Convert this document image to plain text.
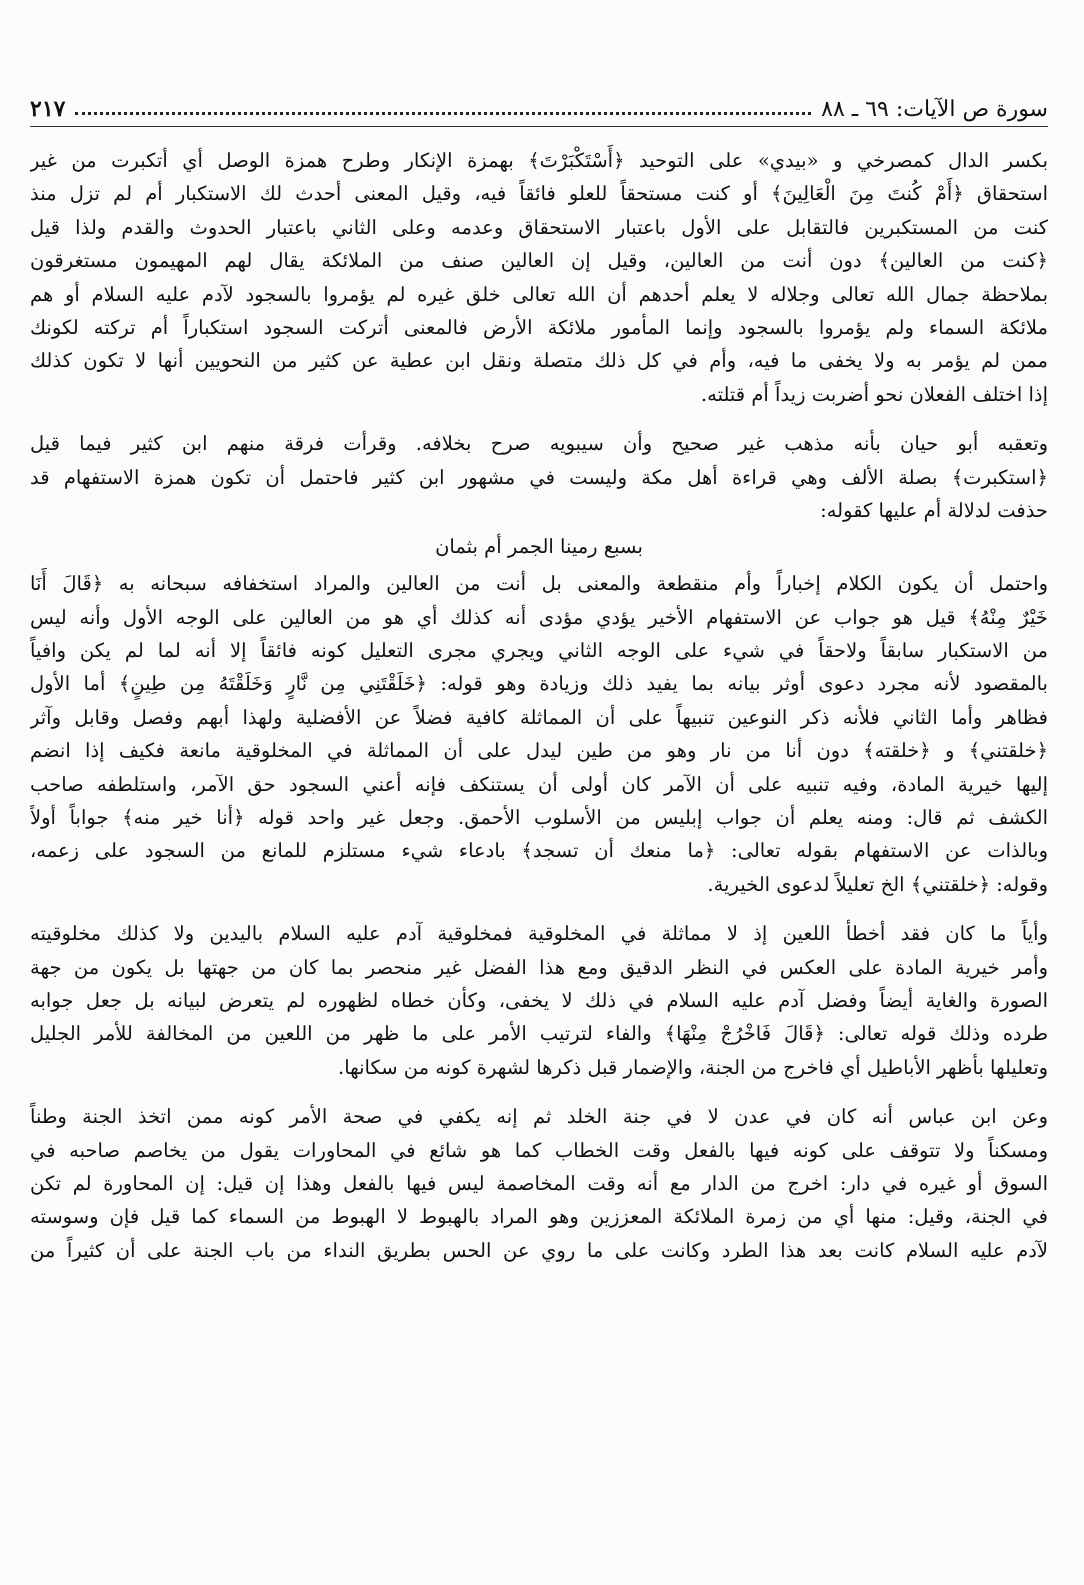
سورة ص الآيات: ٦٩ ـ ٨٨
٢١٧
بكسر الدال كمصرخي و «بيدي» على التوحيد ﴿أَسْتَكْبَرْتَ﴾ بهمزة الإنكار وطرح همزة الوصل أي أتكبرت من غير
استحقاق ﴿أَمْ كُنتَ مِنَ الْعَالِينَ﴾ أو كنت مستحقاً للعلو فائقاً فيه، وقيل المعنى أحدث لك الاستكبار أم لم تزل منذ
كنت من المستكبرين فالتقابل على الأول باعتبار الاستحقاق وعدمه وعلى الثاني باعتبار الحدوث والقدم ولذا قيل
﴿كنت من العالين﴾ دون أنت من العالين، وقيل إن العالين صنف من الملائكة يقال لهم المهيمون مستغرقون
بملاحظة جمال الله تعالى وجلاله لا يعلم أحدهم أن الله تعالى خلق غيره لم يؤمروا بالسجود لآدم عليه السلام أو هم
ملائكة السماء ولم يؤمروا بالسجود وإنما المأمور ملائكة الأرض فالمعنى أتركت السجود استكباراً أم تركته لكونك
ممن لم يؤمر به ولا يخفى ما فيه، وأم في كل ذلك متصلة ونقل ابن عطية عن كثير من النحويين أنها لا تكون كذلك
إذا اختلف الفعلان نحو أضربت زيداً أم قتلته.
وتعقبه أبو حيان بأنه مذهب غير صحيح وأن سيبويه صرح بخلافه. وقرأت فرقة منهم ابن كثير فيما قيل
﴿استكبرت﴾ بصلة الألف وهي قراءة أهل مكة وليست في مشهور ابن كثير فاحتمل أن تكون همزة الاستفهام قد
حذفت لدلالة أم عليها كقوله:
بسبع رمينا الجمر أم بثمان
واحتمل أن يكون الكلام إخباراً وأم منقطعة والمعنى بل أنت من العالين والمراد استخفافه سبحانه به ﴿قَالَ أَنَا
خَيْرٌ مِنْهُ﴾ قيل هو جواب عن الاستفهام الأخير يؤدي مؤدى أنه كذلك أي هو من العالين على الوجه الأول وأنه ليس
من الاستكبار سابقاً ولاحقاً في شيء على الوجه الثاني ويجري مجرى التعليل كونه فائقاً إلا أنه لما لم يكن وافياً
بالمقصود لأنه مجرد دعوى أوثر بيانه بما يفيد ذلك وزيادة وهو قوله: ﴿خَلَقْتَنِي مِن نَّارٍ وَخَلَقْتَهُ مِن طِينٍ﴾ أما الأول
فظاهر وأما الثاني فلأنه ذكر النوعين تنبيهاً على أن المماثلة كافية فضلاً عن الأفضلية ولهذا أبهم وفصل وقابل وآثر
﴿خلقتني﴾ و ﴿خلقته﴾ دون أنا من نار وهو من طين ليدل على أن المماثلة في المخلوقية مانعة فكيف إذا انضم
إليها خيرية المادة، وفيه تنبيه على أن الآمر كان أولى أن يستنكف فإنه أعني السجود حق الآمر، واستلطفه صاحب
الكشف ثم قال: ومنه يعلم أن جواب إبليس من الأسلوب الأحمق. وجعل غير واحد قوله ﴿أنا خير منه﴾ جواباً أولاً
وبالذات عن الاستفهام بقوله تعالى: ﴿ما منعك أن تسجد﴾ بادعاء شيء مستلزم للمانع من السجود على زعمه،
وقوله: ﴿خلقتني﴾ الخ تعليلاً لدعوى الخيرية.
وأياً ما كان فقد أخطأ اللعين إذ لا مماثلة في المخلوقية فمخلوقية آدم عليه السلام باليدين ولا كذلك مخلوقيته
وأمر خيرية المادة على العكس في النظر الدقيق ومع هذا الفضل غير منحصر بما كان من جهتها بل يكون من جهة
الصورة والغاية أيضاً وفضل آدم عليه السلام في ذلك لا يخفى، وكأن خطاه لظهوره لم يتعرض لبيانه بل جعل جوابه
طرده وذلك قوله تعالى: ﴿قَالَ فَاخْرُجْ مِنْهَا﴾ والفاء لترتيب الأمر على ما ظهر من اللعين من المخالفة للأمر الجليل
وتعليلها بأظهر الأباطيل أي فاخرج من الجنة، والإضمار قبل ذكرها لشهرة كونه من سكانها.
وعن ابن عباس أنه كان في عدن لا في جنة الخلد ثم إنه يكفي في صحة الأمر كونه ممن اتخذ الجنة وطناً
ومسكناً ولا تتوقف على كونه فيها بالفعل وقت الخطاب كما هو شائع في المحاورات يقول من يخاصم صاحبه في
السوق أو غيره في دار: اخرج من الدار مع أنه وقت المخاصمة ليس فيها بالفعل وهذا إن قيل: إن المحاورة لم تكن
في الجنة، وقيل: منها أي من زمرة الملائكة المعززين وهو المراد بالهبوط لا الهبوط من السماء كما قيل فإن وسوسته
لآدم عليه السلام كانت بعد هذا الطرد وكانت على ما روي عن الحس بطريق النداء من باب الجنة على أن كثيراً من
